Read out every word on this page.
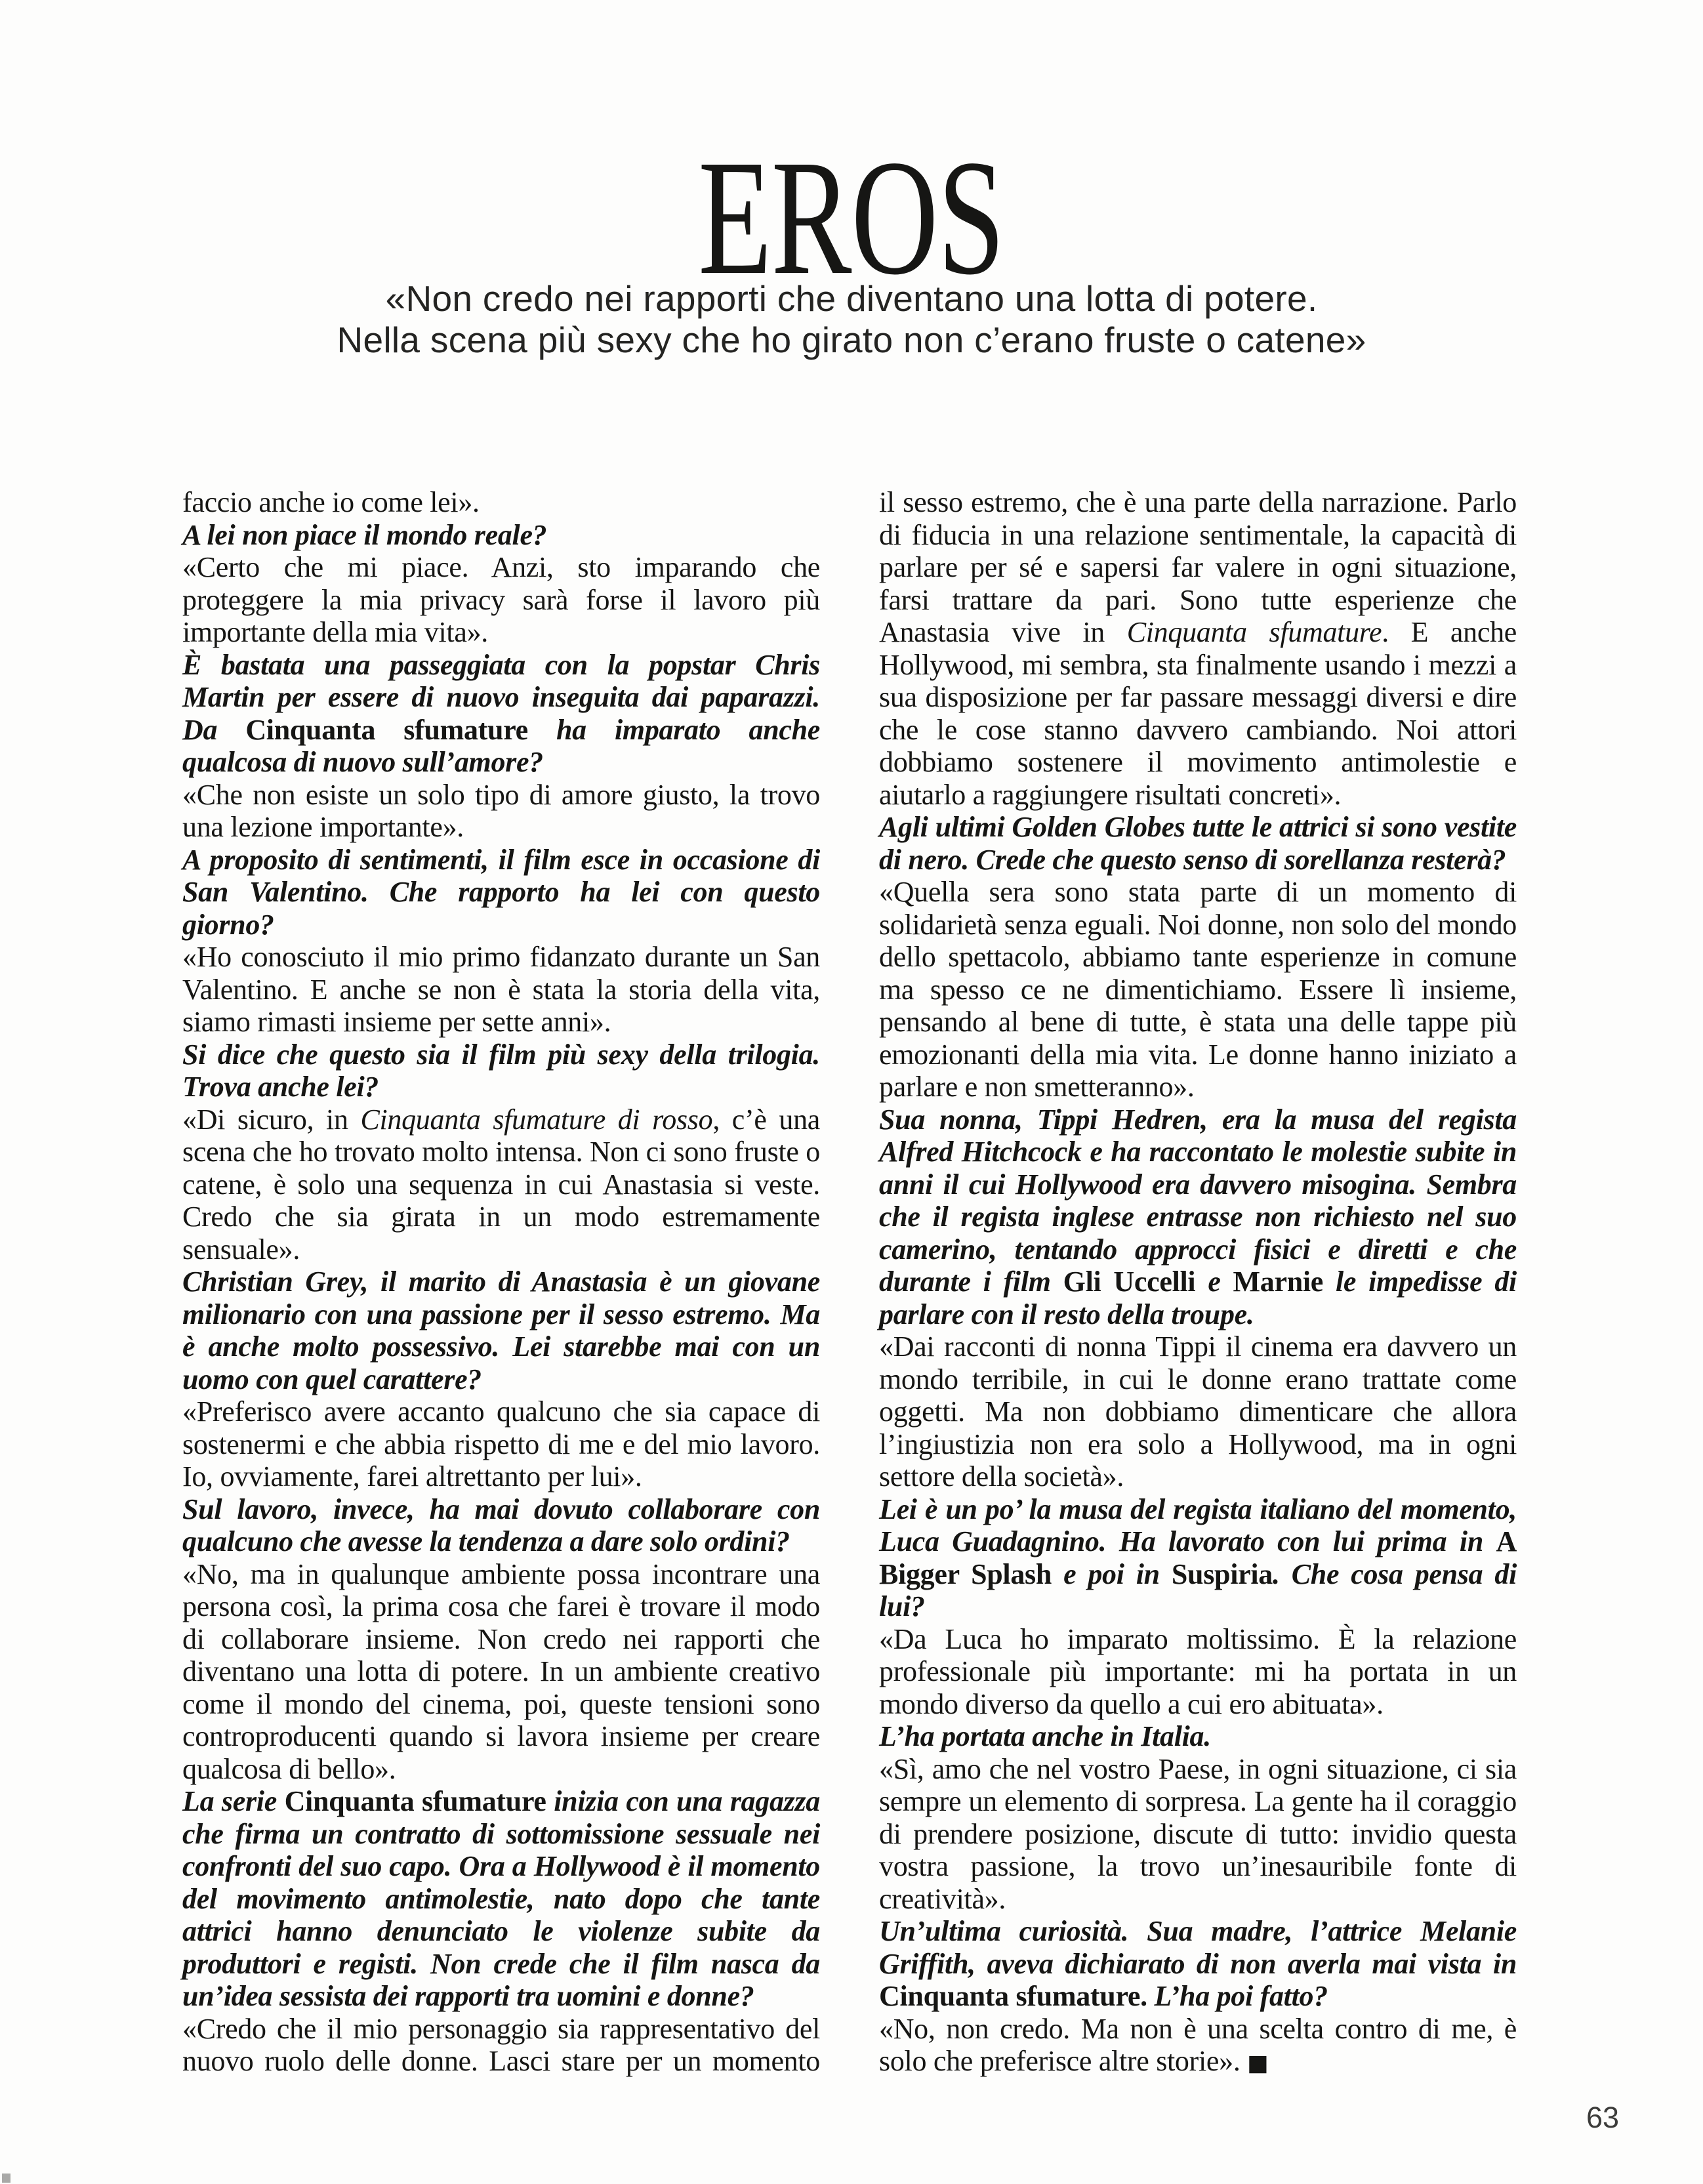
EROS
«Non credo nei rapporti che diventano una lotta di potere.
Nella scena più sexy che ho girato non c’erano fruste o catene»

faccio anche io come lei».

A lei non piace il mondo reale?

«Certo che mi piace. Anzi, sto imparando che proteggere la mia privacy sarà forse il lavoro più importante della mia vita».

È bastata una passeggiata con la popstar Chris Martin per essere di nuovo inseguita dai paparazzi. Da Cinquanta sfumature ha imparato anche qualcosa di nuovo sull’amore?

«Che non esiste un solo tipo di amore giusto, la trovo una lezione importante».

A proposito di sentimenti, il film esce in occasione di San Valentino. Che rapporto ha lei con questo giorno?

«Ho conosciuto il mio primo fidanzato durante un San Valentino. E anche se non è stata la storia della vita, siamo rimasti insieme per sette anni».

Si dice che questo sia il film più sexy della trilogia. Trova anche lei?

«Di sicuro, in Cinquanta sfumature di rosso, c’è una scena che ho trovato molto intensa. Non ci sono fruste o catene, è solo una sequenza in cui Anastasia si veste. Credo che sia girata in un modo estremamente sensuale».

Christian Grey, il marito di Anastasia è un giovane milionario con una passione per il sesso estremo. Ma è anche molto possessivo. Lei starebbe mai con un uomo con quel carattere?

«Preferisco avere accanto qualcuno che sia capace di sostenermi e che abbia rispetto di me e del mio lavoro. Io, ovviamente, farei altrettanto per lui».

Sul lavoro, invece, ha mai dovuto collaborare con qualcuno che avesse la tendenza a dare solo ordini?

«No, ma in qualunque ambiente possa incontrare una persona così, la prima cosa che farei è trovare il modo di collaborare insieme. Non credo nei rapporti che diventano una lotta di potere. In un ambiente creativo come il mondo del cinema, poi, queste tensioni sono controproducenti quando si lavora insieme per creare qualcosa di bello».

La serie Cinquanta sfumature inizia con una ragazza che firma un contratto di sottomissione sessuale nei confronti del suo capo. Ora a Hollywood è il momento del movimento antimolestie, nato dopo che tante attrici hanno denunciato le violenze subite da produttori e registi. Non crede che il film nasca da un’idea sessista dei rapporti tra uomini e donne?

«Credo che il mio personaggio sia rappresentativo del nuovo ruolo delle donne. Lasci stare per un momento

il sesso estremo, che è una parte della narrazione. Parlo di fiducia in una relazione sentimentale, la capacità di parlare per sé e sapersi far valere in ogni situazione, farsi trattare da pari. Sono tutte esperienze che Anastasia vive in Cinquanta sfumature. E anche Hollywood, mi sembra, sta finalmente usando i mezzi a sua disposizione per far passare messaggi diversi e dire che le cose stanno davvero cambiando. Noi attori dobbiamo sostenere il movimento antimolestie e aiutarlo a raggiungere risultati concreti».

Agli ultimi Golden Globes tutte le attrici si sono vestite di nero. Crede che questo senso di sorellanza resterà?

«Quella sera sono stata parte di un momento di solidarietà senza eguali. Noi donne, non solo del mondo dello spettacolo, abbiamo tante esperienze in comune ma spesso ce ne dimentichiamo. Essere lì insieme, pensando al bene di tutte, è stata una delle tappe più emozionanti della mia vita. Le donne hanno iniziato a parlare e non smetteranno».

Sua nonna, Tippi Hedren, era la musa del regista Alfred Hitchcock e ha raccontato le molestie subite in anni il cui Hollywood era davvero misogina. Sembra che il regista inglese entrasse non richiesto nel suo camerino, tentando approcci fisici e diretti e che durante i film Gli Uccelli e Marnie le impedisse di parlare con il resto della troupe.

«Dai racconti di nonna Tippi il cinema era davvero un mondo terribile, in cui le donne erano trattate come oggetti. Ma non dobbiamo dimenticare che allora l’ingiustizia non era solo a Hollywood, ma in ogni settore della società».

Lei è un po’ la musa del regista italiano del momento, Luca Guadagnino. Ha lavorato con lui prima in A Bigger Splash e poi in Suspiria. Che cosa pensa di lui?

«Da Luca ho imparato moltissimo. È la relazione professionale più importante: mi ha portata in un mondo diverso da quello a cui ero abituata».

L’ha portata anche in Italia.

«Sì, amo che nel vostro Paese, in ogni situazione, ci sia sempre un elemento di sorpresa. La gente ha il coraggio di prendere posizione, discute di tutto: invidio questa vostra passione, la trovo un’inesauribile fonte di creatività».

Un’ultima curiosità. Sua madre, l’attrice Melanie Griffith, aveva dichiarato di non averla mai vista in Cinquanta sfumature. L’ha poi fatto?

«No, non credo. Ma non è una scelta contro di me, è solo che preferisce altre storie». ■

63
